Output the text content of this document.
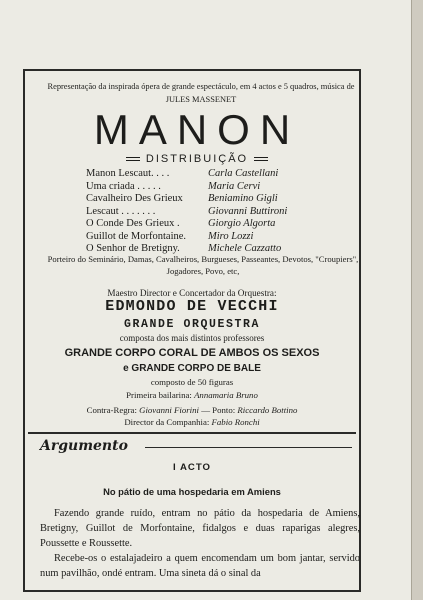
Representação da inspirada ópera de grande espectáculo, em 4 actos e 5 quadros, música de JULES MASSENET
MANON
DISTRIBUIÇÃO
Manon Lescaut. . . .	Carla Castellani
Uma criada . . . . .	Maria Cervi
Cavalheiro Des Grieux	Beniamino Gigli
Lescaut . . . . . . .	Giovanni Buttironi
O Conde Des Grieux .	Giorgio Algorta
Guillot de Morfontaine.	Miro Lozzi
O Senhor de Bretigny.	Michele Cazzatto
Porteiro do Seminário, Damas, Cavalheiros, Burgueses, Passeantes, Devotos, "Croupiers", Jogadores, Povo, etc,
Maestro Director e Concertador da Orquestra:
EDMONDO DE VECCHI
GRANDE ORQUESTRA
composta dos mais distintos professores
GRANDE CORPO CORAL DE AMBOS OS SEXOS
e GRANDE CORPO DE BALE
composto de 50 figuras
Primeira bailarina: Annamaria Bruno
Contra-Regra: Giovanni Fiorini — Ponto: Riccardo Bottino
Director da Companhia: Fabio Ronchi
Argumento
I ACTO
No pátio de uma hospedaria em Amiens
Fazendo grande ruído, entram no pátio da hospedaria de Amiens, Bretigny, Guillot de Morfontaine, fidalgos e duas raparigas alegres, Poussette e Roussette.
Recebe-os o estalajadeiro a quem encomendam um bom jantar, servido num pavilhão, ondé entram. Uma sineta dá o sinal da
